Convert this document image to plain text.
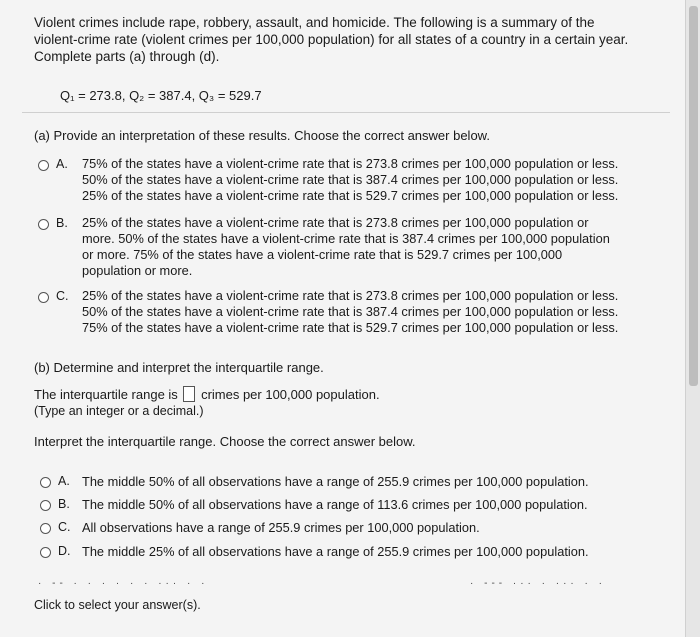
Violent crimes include rape, robbery, assault, and homicide. The following is a summary of the
violent-crime rate (violent crimes per 100,000 population) for all states of a country in a certain year.
Complete parts (a) through (d).
Q₁ = 273.8, Q₂ = 387.4, Q₃ = 529.7
(a) Provide an interpretation of these results. Choose the correct answer below.
A. 75% of the states have a violent-crime rate that is 273.8 crimes per 100,000 population or less.
50% of the states have a violent-crime rate that is 387.4 crimes per 100,000 population or less.
25% of the states have a violent-crime rate that is 529.7 crimes per 100,000 population or less.
B. 25% of the states have a violent-crime rate that is 273.8 crimes per 100,000 population or
more. 50% of the states have a violent-crime rate that is 387.4 crimes per 100,000 population
or more. 75% of the states have a violent-crime rate that is 529.7 crimes per 100,000
population or more.
C. 25% of the states have a violent-crime rate that is 273.8 crimes per 100,000 population or less.
50% of the states have a violent-crime rate that is 387.4 crimes per 100,000 population or less.
75% of the states have a violent-crime rate that is 529.7 crimes per 100,000 population or less.
(b) Determine and interpret the interquartile range.
The interquartile range is crimes per 100,000 population.
(Type an integer or a decimal.)
Interpret the interquartile range. Choose the correct answer below.
A. The middle 50% of all observations have a range of 255.9 crimes per 100,000 population.
B. The middle 50% of all observations have a range of 113.6 crimes per 100,000 population.
C. All observations have a range of 255.9 crimes per 100,000 population.
D. The middle 25% of all observations have a range of 255.9 crimes per 100,000 population.
· -- · · · · · · ··· · ·	· --- ··· · ··· · ·
Click to select your answer(s).
